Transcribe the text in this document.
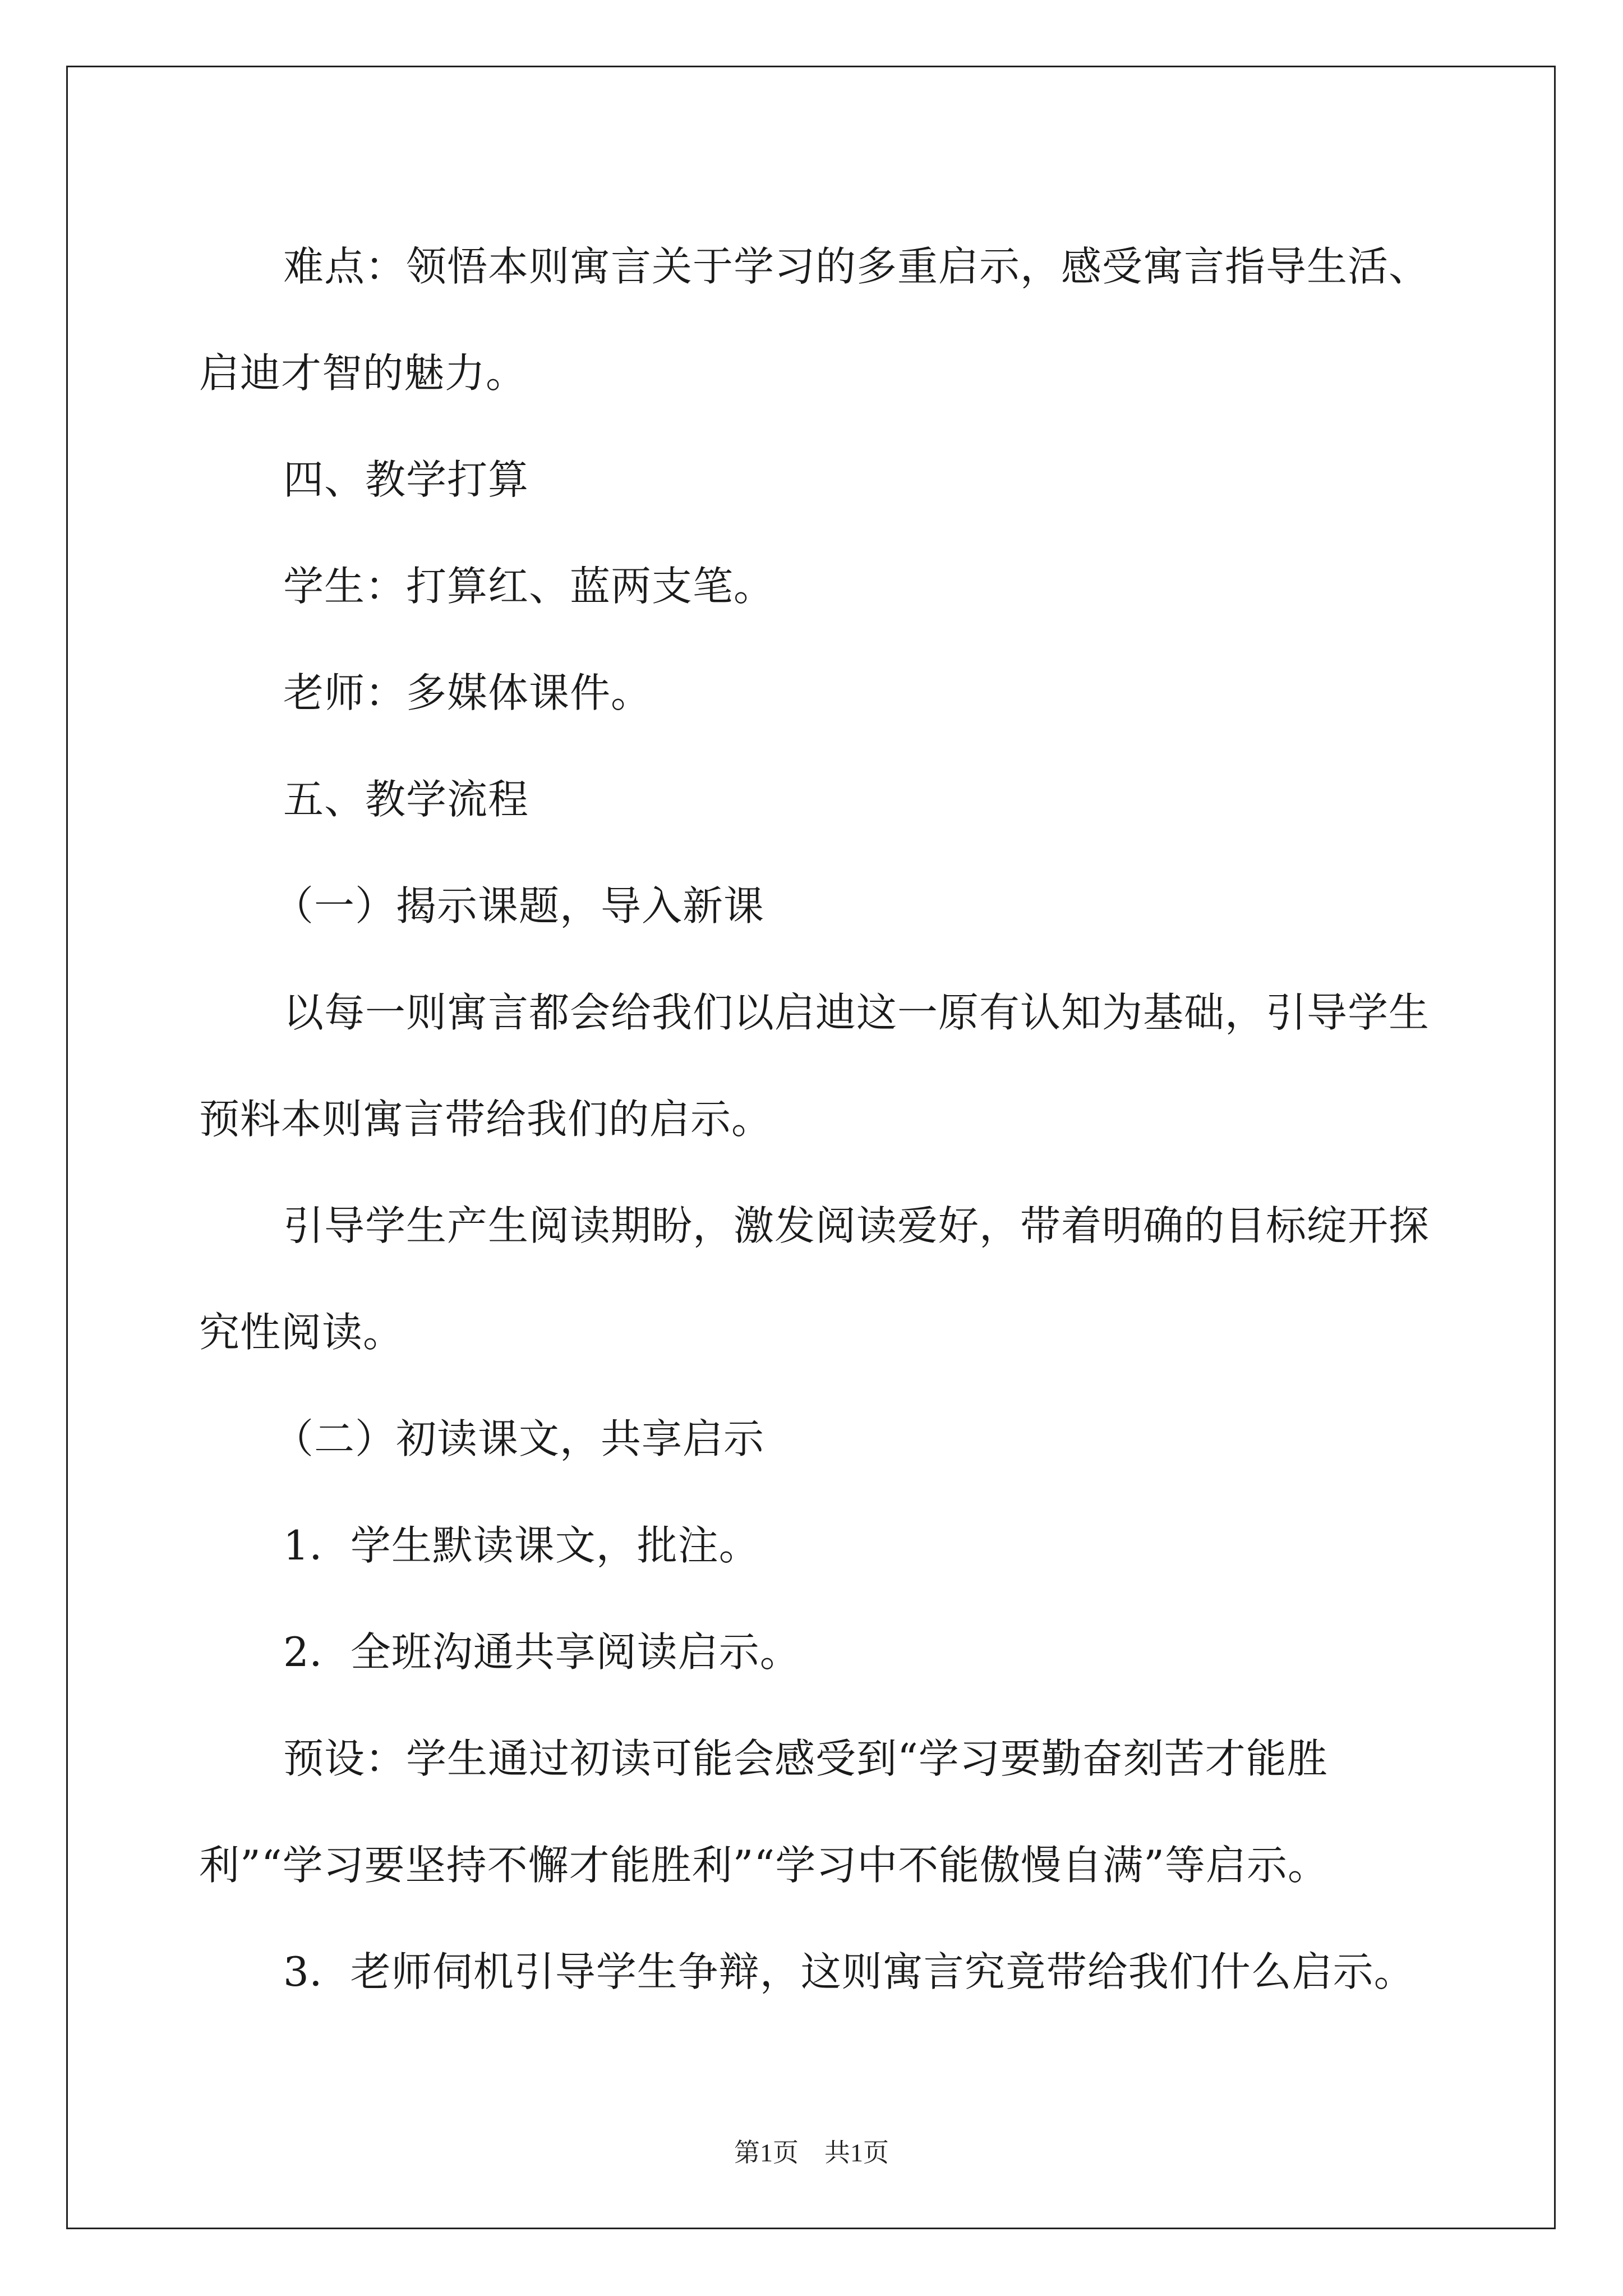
难点：领悟本则寓言关于学习的多重启示，感受寓言指导生活、

启迪才智的魅力。

四、教学打算

学生：打算红、蓝两支笔。

老师：多媒体课件。

五、教学流程

（一）揭示课题，导入新课

以每一则寓言都会给我们以启迪这一原有认知为基础，引导学生

预料本则寓言带给我们的启示。

引导学生产生阅读期盼，激发阅读爱好，带着明确的目标绽开探

究性阅读。

（二）初读课文，共享启示

1．学生默读课文，批注。

2．全班沟通共享阅读启示。

预设：学生通过初读可能会感受到“学习要勤奋刻苦才能胜

利”“学习要坚持不懈才能胜利”“学习中不能傲慢自满”等启示。

3．老师伺机引导学生争辩，这则寓言究竟带给我们什么启示。

第1页　共1页
